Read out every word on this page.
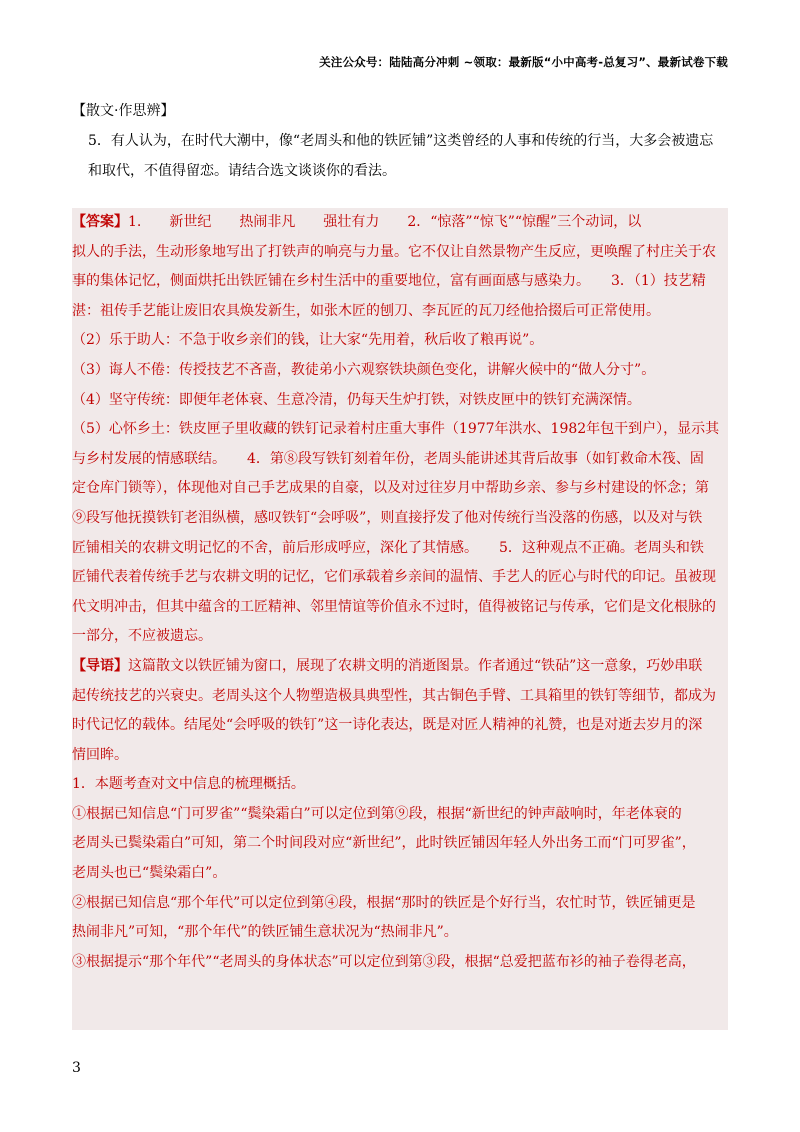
关注公众号：陆陆高分冲刺 ~领取：最新版“小中高考-总复习”、最新试卷下载

【散文·作思辨】

5．有人认为，在时代大潮中，像“老周头和他的铁匠铺”这类曾经的人事和传统的行当，大多会被遗忘

和取代，不值得留恋。请结合选文谈谈你的看法。

【答案】1.　　新世纪　　热闹非凡　　强壮有力　　2．“惊落”“惊飞”“惊醒”三个动词，以

拟人的手法，生动形象地写出了打铁声的响亮与力量。它不仅让自然景物产生反应，更唤醒了村庄关于农

事的集体记忆，侧面烘托出铁匠铺在乡村生活中的重要地位，富有画面感与感染力。　　3．（1）技艺精

湛：祖传手艺能让废旧农具焕发新生，如张木匠的刨刀、李瓦匠的瓦刀经他拾掇后可正常使用。

（2）乐于助人：不急于收乡亲们的钱，让大家“先用着，秋后收了粮再说”。

（3）诲人不倦：传授技艺不吝啬，教徒弟小六观察铁块颜色变化，讲解火候中的“做人分寸”。

（4）坚守传统：即便年老体衰、生意冷清，仍每天生炉打铁，对铁皮匣中的铁钉充满深情。

（5）心怀乡土：铁皮匣子里收藏的铁钉记录着村庄重大事件（1977年洪水、1982年包干到户），显示其

与乡村发展的情感联结。　　4．第⑧段写铁钉刻着年份，老周头能讲述其背后故事（如钉救命木筏、固

定仓库门锁等），体现他对自己手艺成果的自豪，以及对过往岁月中帮助乡亲、参与乡村建设的怀念；第

⑨段写他抚摸铁钉老泪纵横，感叹铁钉“会呼吸”，则直接抒发了他对传统行当没落的伤感，以及对与铁

匠铺相关的农耕文明记忆的不舍，前后形成呼应，深化了其情感。　　5．这种观点不正确。老周头和铁

匠铺代表着传统手艺与农耕文明的记忆，它们承载着乡亲间的温情、手艺人的匠心与时代的印记。虽被现

代文明冲击，但其中蕴含的工匠精神、邻里情谊等价值永不过时，值得被铭记与传承，它们是文化根脉的

一部分，不应被遗忘。

【导语】这篇散文以铁匠铺为窗口，展现了农耕文明的消逝图景。作者通过“铁砧”这一意象，巧妙串联

起传统技艺的兴衰史。老周头这个人物塑造极具典型性，其古铜色手臂、工具箱里的铁钉等细节，都成为

时代记忆的载体。结尾处“会呼吸的铁钉”这一诗化表达，既是对匠人精神的礼赞，也是对逝去岁月的深

情回眸。

1．本题考查对文中信息的梳理概括。

①根据已知信息“门可罗雀”“鬓染霜白”可以定位到第⑨段，根据“新世纪的钟声敲响时，年老体衰的

老周头已鬓染霜白”可知，第二个时间段对应“新世纪”，此时铁匠铺因年轻人外出务工而“门可罗雀”，

老周头也已“鬓染霜白”。

②根据已知信息“那个年代”可以定位到第④段，根据“那时的铁匠是个好行当，农忙时节，铁匠铺更是

热闹非凡”可知，“那个年代”的铁匠铺生意状况为“热闹非凡”。

③根据提示“那个年代”“老周头的身体状态”可以定位到第③段，根据“总爱把蓝布衫的袖子卷得老高，

3
